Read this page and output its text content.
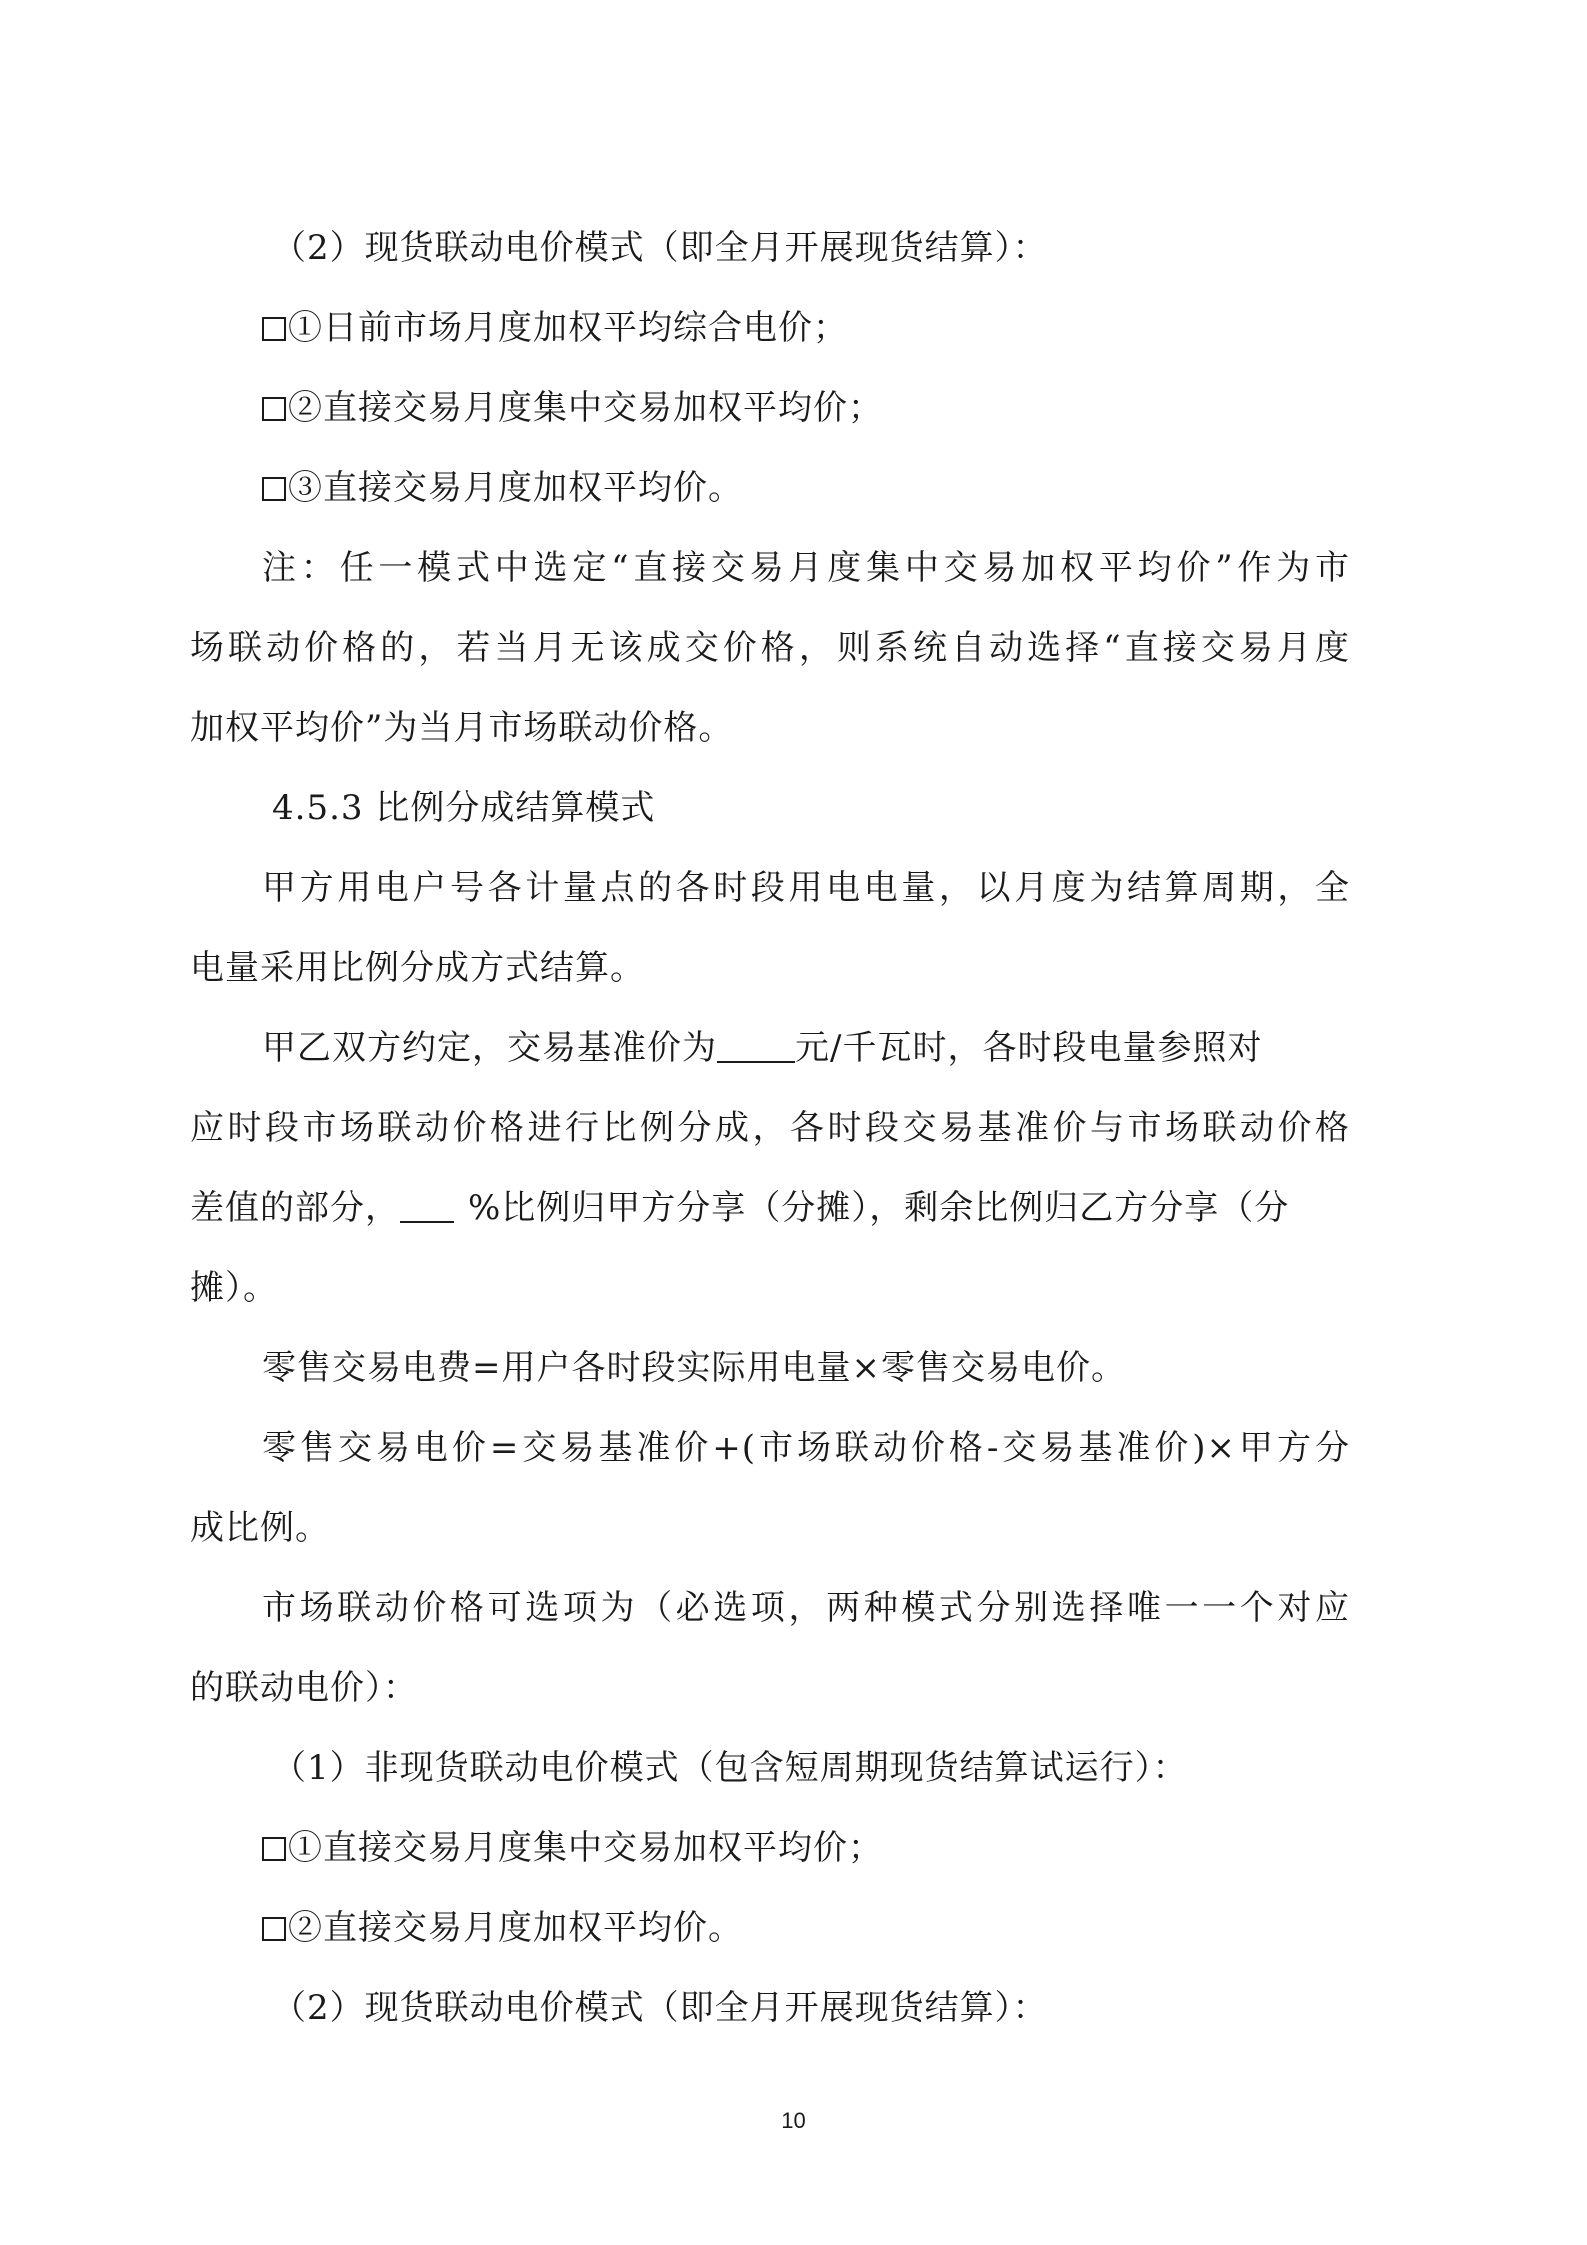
（2）现货联动电价模式（即全月开展现货结算）：
①日前市场月度加权平均综合电价；
②直接交易月度集中交易加权平均价；
③直接交易月度加权平均价。
注：任一模式中选定“直接交易月度集中交易加权平均价”作为市
场联动价格的，若当月无该成交价格，则系统自动选择“直接交易月度
加权平均价”为当月市场联动价格。
4.5.3 比例分成结算模式
甲方用电户号各计量点的各时段用电电量，以月度为结算周期，全
电量采用比例分成方式结算。
甲乙双方约定，交易基准价为 元/千瓦时，各时段电量参照对
应时段市场联动价格进行比例分成，各时段交易基准价与市场联动价格
差值的部分， %比例归甲方分享（分摊），剩余比例归乙方分享（分
摊）。
零售交易电费=用户各时段实际用电量×零售交易电价。
零售交易电价=交易基准价+(市场联动价格-交易基准价)×甲方分
成比例。
市场联动价格可选项为（必选项，两种模式分别选择唯一一个对应
的联动电价）：
（1）非现货联动电价模式（包含短周期现货结算试运行）：
①直接交易月度集中交易加权平均价；
②直接交易月度加权平均价。
（2）现货联动电价模式（即全月开展现货结算）：
10
